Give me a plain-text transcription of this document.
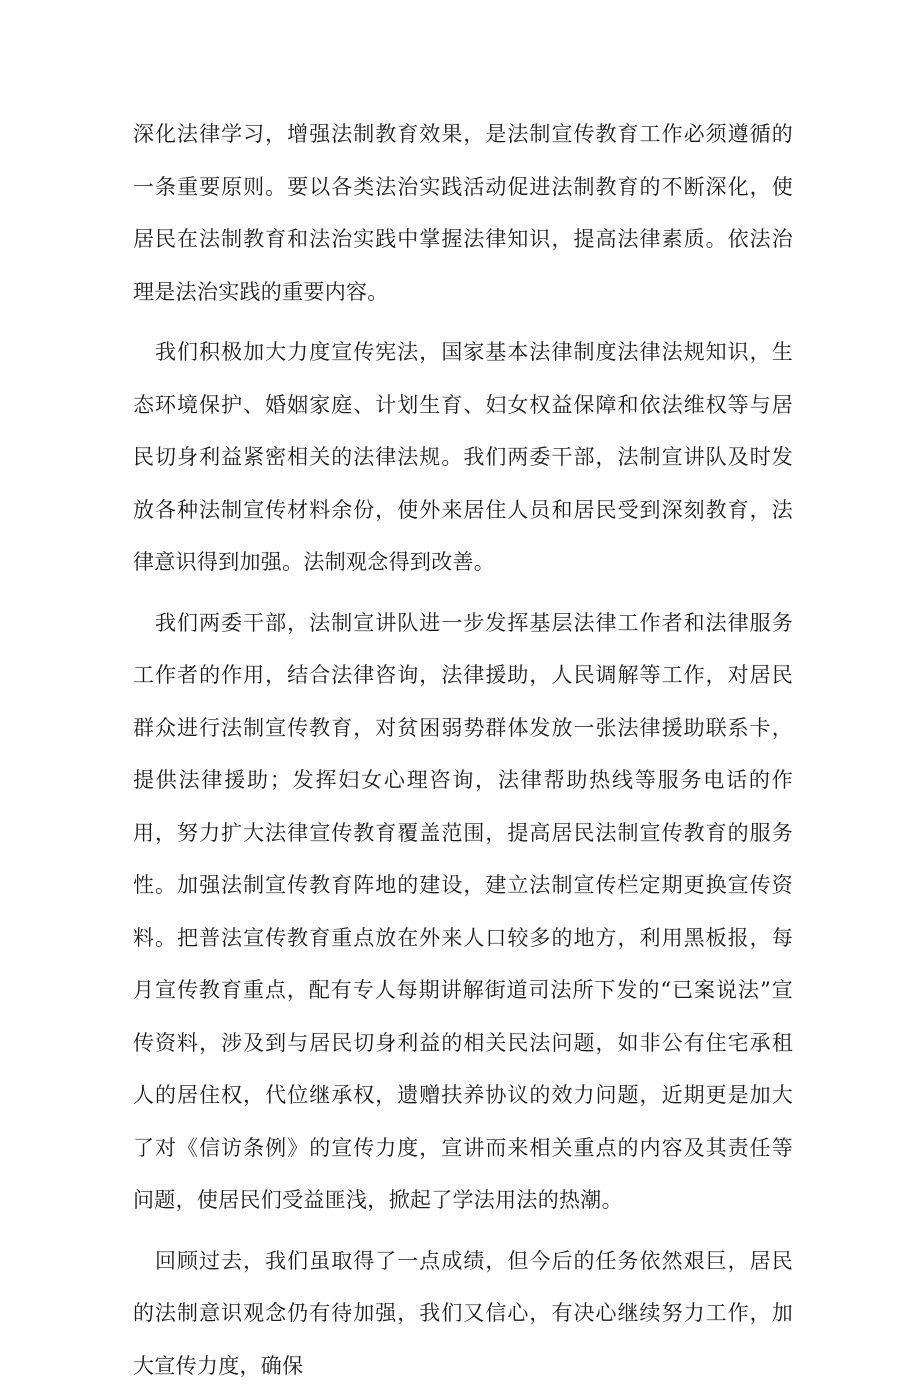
深化法律学习，增强法制教育效果，是法制宣传教育工作必须遵循的一条重要原则。要以各类法治实践活动促进法制教育的不断深化，使居民在法制教育和法治实践中掌握法律知识，提高法律素质。依法治理是法治实践的重要内容。

我们积极加大力度宣传宪法，国家基本法律制度法律法规知识，生态环境保护、婚姻家庭、计划生育、妇女权益保障和依法维权等与居民切身利益紧密相关的法律法规。我们两委干部，法制宣讲队及时发放各种法制宣传材料余份，使外来居住人员和居民受到深刻教育，法律意识得到加强。法制观念得到改善。

我们两委干部，法制宣讲队进一步发挥基层法律工作者和法律服务工作者的作用，结合法律咨询，法律援助，人民调解等工作，对居民群众进行法制宣传教育，对贫困弱势群体发放一张法律援助联系卡，提供法律援助；发挥妇女心理咨询，法律帮助热线等服务电话的作用，努力扩大法律宣传教育覆盖范围，提高居民法制宣传教育的服务性。加强法制宣传教育阵地的建设，建立法制宣传栏定期更换宣传资料。把普法宣传教育重点放在外来人口较多的地方，利用黑板报，每月宣传教育重点，配有专人每期讲解街道司法所下发的“已案说法”宣传资料，涉及到与居民切身利益的相关民法问题，如非公有住宅承租人的居住权，代位继承权，遗赠扶养协议的效力问题，近期更是加大了对《信访条例》的宣传力度，宣讲而来相关重点的内容及其责任等问题，使居民们受益匪浅，掀起了学法用法的热潮。

回顾过去，我们虽取得了一点成绩，但今后的任务依然艰巨，居民的法制意识观念仍有待加强，我们又信心，有决心继续努力工作，加大宣传力度，确保
